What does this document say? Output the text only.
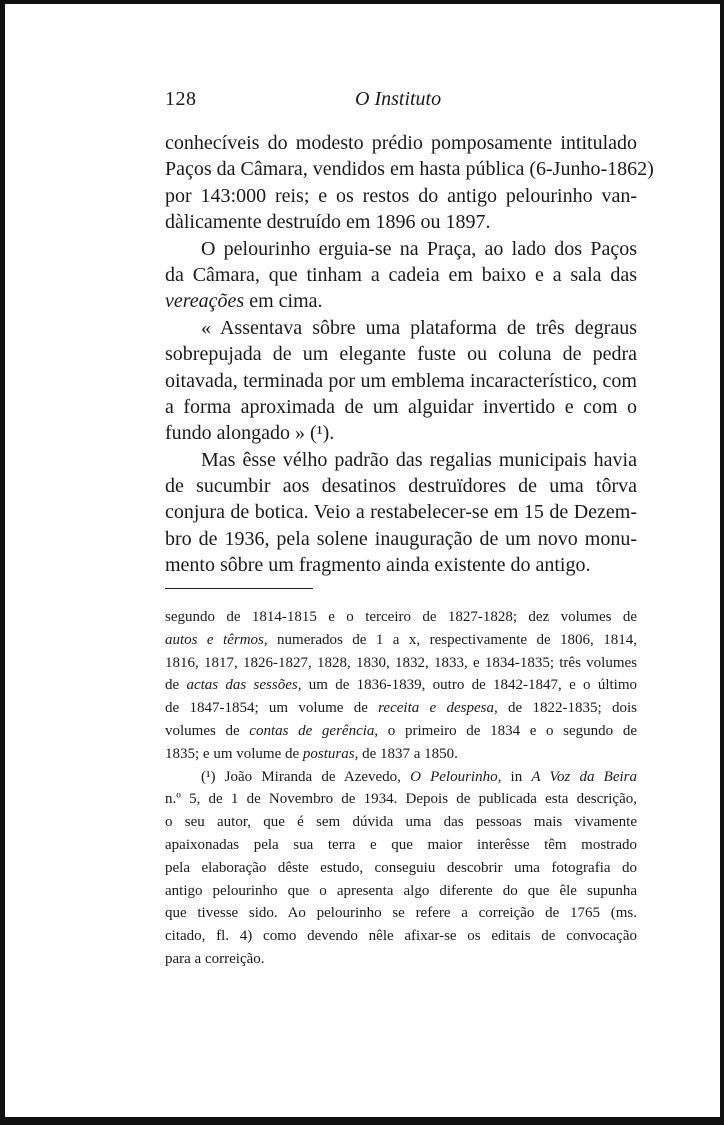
128	O Instituto
conhecíveis do modesto prédio pomposamente intitulado
Paços da Câmara, vendidos em hasta pública (6-Junho-1862)
por 143:000 reis; e os restos do antigo pelourinho van-
dàlicamente destruído em 1896 ou 1897.
O pelourinho erguia-se na Praça, ao lado dos Paços
da Câmara, que tinham a cadeia em baixo e a sala das
vereações em cima.
« Assentava sôbre uma plataforma de três degraus
sobrepujada de um elegante fuste ou coluna de pedra
oitavada, terminada por um emblema incaracterístico, com
a forma aproximada de um alguidar invertido e com o
fundo alongado » (¹).
Mas êsse vélho padrão das regalias municipais havia
de sucumbir aos desatinos destruïdores de uma tôrva
conjura de botica. Veio a restabelecer-se em 15 de Dezem-
bro de 1936, pela solene inauguração de um novo monu-
mento sôbre um fragmento ainda existente do antigo.
segundo de 1814-1815 e o terceiro de 1827-1828; dez volumes de
autos e têrmos, numerados de 1 a x, respectivamente de 1806, 1814,
1816, 1817, 1826-1827, 1828, 1830, 1832, 1833, e 1834-1835; três volumes
de actas das sessões, um de 1836-1839, outro de 1842-1847, e o último
de 1847-1854; um volume de receita e despesa, de 1822-1835; dois
volumes de contas de gerência, o primeiro de 1834 e o segundo de
1835; e um volume de posturas, de 1837 a 1850.
(¹) João Miranda de Azevedo, O Pelourinho, in A Voz da Beira
n.º 5, de 1 de Novembro de 1934. Depois de publicada esta descrição,
o seu autor, que é sem dúvida uma das pessoas mais vivamente
apaixonadas pela sua terra e que maior interêsse têm mostrado
pela elaboração dêste estudo, conseguiu descobrir uma fotografia do
antigo pelourinho que o apresenta algo diferente do que êle supunha
que tivesse sido. Ao pelourinho se refere a correição de 1765 (ms.
citado, fl. 4) como devendo nêle afixar-se os editais de convocação
para a correição.
